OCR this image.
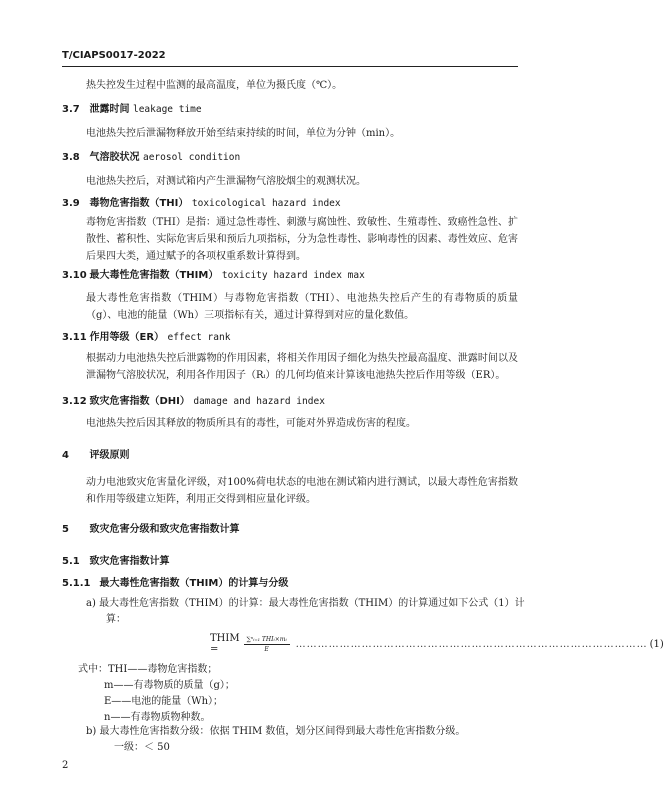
T/CIAPS0017-2022
热失控发生过程中监测的最高温度，单位为摄氏度（℃）。
3.7 泄露时间 leakage time
电池热失控后泄漏物释放开始至结束持续的时间，单位为分钟（min）。
3.8 气溶胶状况 aerosol condition
电池热失控后，对测试箱内产生泄漏物气溶胶烟尘的观测状况。
3.9 毒物危害指数（THI） toxicological hazard index
毒物危害指数（THI）是指：通过急性毒性、刺激与腐蚀性、致敏性、生殖毒性、致癌性急性、扩散性、蓄积性、实际危害后果和预后九项指标，分为急性毒性、影响毒性的因素、毒性效应、危害后果四大类，通过赋予的各项权重系数计算得到。
3.10 最大毒性危害指数（THIM） toxicity hazard index max
最大毒性危害指数（THIM）与毒物危害指数（THI）、电池热失控后产生的有毒物质的质量（g）、电池的能量（Wh）三项指标有关，通过计算得到对应的量化数值。
3.11 作用等级（ER） effect rank
根据动力电池热失控后泄露物的作用因素，将相关作用因子细化为热失控最高温度、泄露时间以及泄漏物气溶胶状况，利用各作用因子（Rᵢ）的几何均值来计算该电池热失控后作用等级（ER）。
3.12 致灾危害指数（DHI） damage and hazard index
电池热失控后因其释放的物质所具有的毒性，可能对外界造成伤害的程度。
4 评级原则
动力电池致灾危害量化评级，对100%荷电状态的电池在测试箱内进行测试，以最大毒性危害指数和作用等级建立矩阵，利用正交得到相应量化评级。
5 致灾危害分级和致灾危害指数计算
5.1 致灾危害指数计算
5.1.1 最大毒性危害指数（THIM）的计算与分级
a) 最大毒性危害指数（THIM）的计算：最大毒性危害指数（THIM）的计算通过如下公式（1）计
算：
THIM =	$\frac{\text{∑ⁿᵢ₌₁ THIᵢ×mᵢ}}{E}$ …………………………………………………………………………………… (1)
式中：THI——毒物危害指数；
m——有毒物质的质量（g）；
E——电池的能量（Wh）；
n——有毒物质物种数。
b) 最大毒性危害指数分级：依据 THIM 数值，划分区间得到最大毒性危害指数分级。
一级：＜ 50
2
